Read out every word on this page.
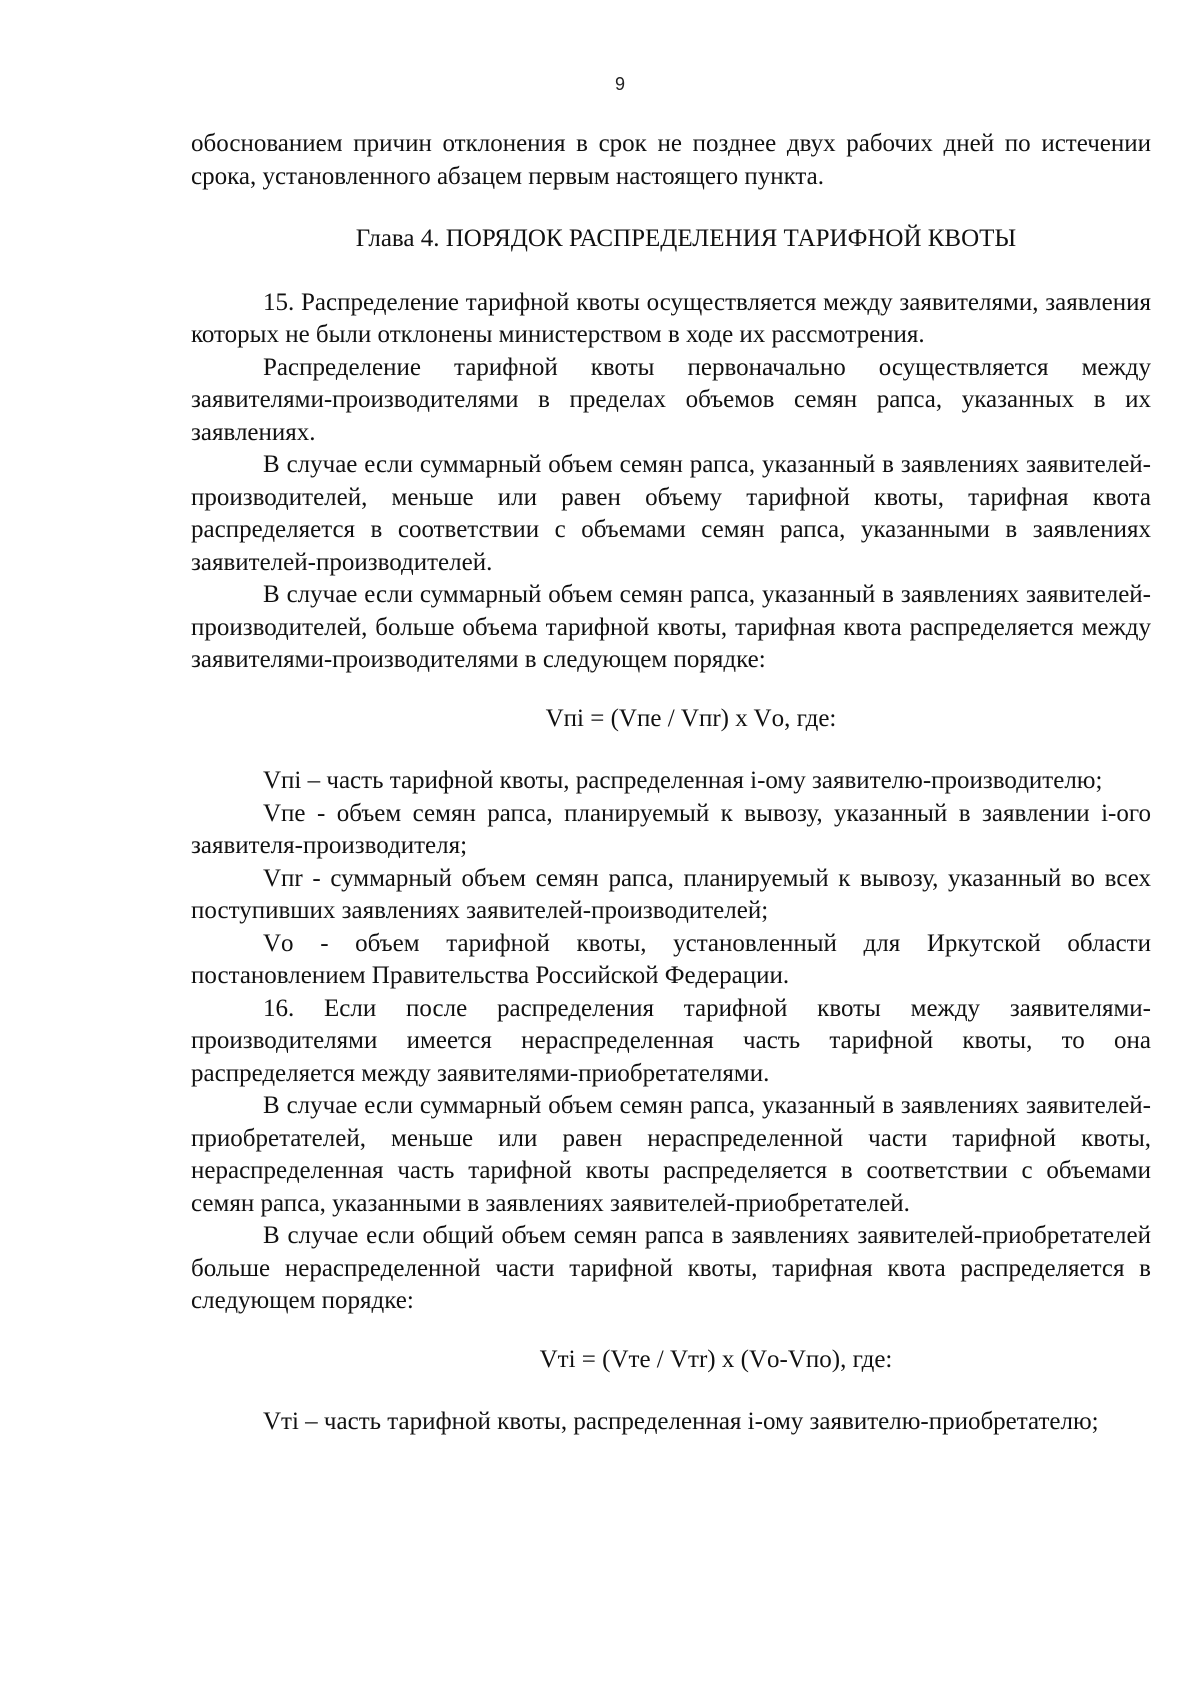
9

обоснованием причин отклонения в срок не позднее двух рабочих дней по истечении срока, установленного абзацем первым настоящего пункта.

Глава 4. ПОРЯДОК РАСПРЕДЕЛЕНИЯ ТАРИФНОЙ КВОТЫ

15. Распределение тарифной квоты осуществляется между заявителями, заявления которых не были отклонены министерством в ходе их рассмотрения.

Распределение тарифной квоты первоначально осуществляется между заявителями-производителями в пределах объемов семян рапса, указанных в их заявлениях.

В случае если суммарный объем семян рапса, указанный в заявлениях заявителей-производителей, меньше или равен объему тарифной квоты, тарифная квота распределяется в соответствии с объемами семян рапса, указанными в заявлениях заявителей-производителей.

В случае если суммарный объем семян рапса, указанный в заявлениях заявителей-производителей, больше объема тарифной квоты, тарифная квота распределяется между заявителями-производителями в следующем порядке:

Vпi = (Vпе / Vпr) x Vо, где:

Vпi – часть тарифной квоты, распределенная i-ому заявителю-производителю;

Vпе - объем семян рапса, планируемый к вывозу, указанный в заявлении i-ого заявителя-производителя;

Vпr - суммарный объем семян рапса, планируемый к вывозу, указанный во всех поступивших заявлениях заявителей-производителей;

Vо - объем тарифной квоты, установленный для Иркутской области постановлением Правительства Российской Федерации.

16. Если после распределения тарифной квоты между заявителями-производителями имеется нераспределенная часть тарифной квоты, то она распределяется между заявителями-приобретателями.

В случае если суммарный объем семян рапса, указанный в заявлениях заявителей-приобретателей, меньше или равен нераспределенной части тарифной квоты, нераспределенная часть тарифной квоты распределяется в соответствии с объемами семян рапса, указанными в заявлениях заявителей-приобретателей.

В случае если общий объем семян рапса в заявлениях заявителей-приобретателей больше нераспределенной части тарифной квоты, тарифная квота распределяется в следующем порядке:

Vтi = (Vте / Vтr) x (Vо-Vпо), где:

Vтi – часть тарифной квоты, распределенная i-ому заявителю-приобретателю;
